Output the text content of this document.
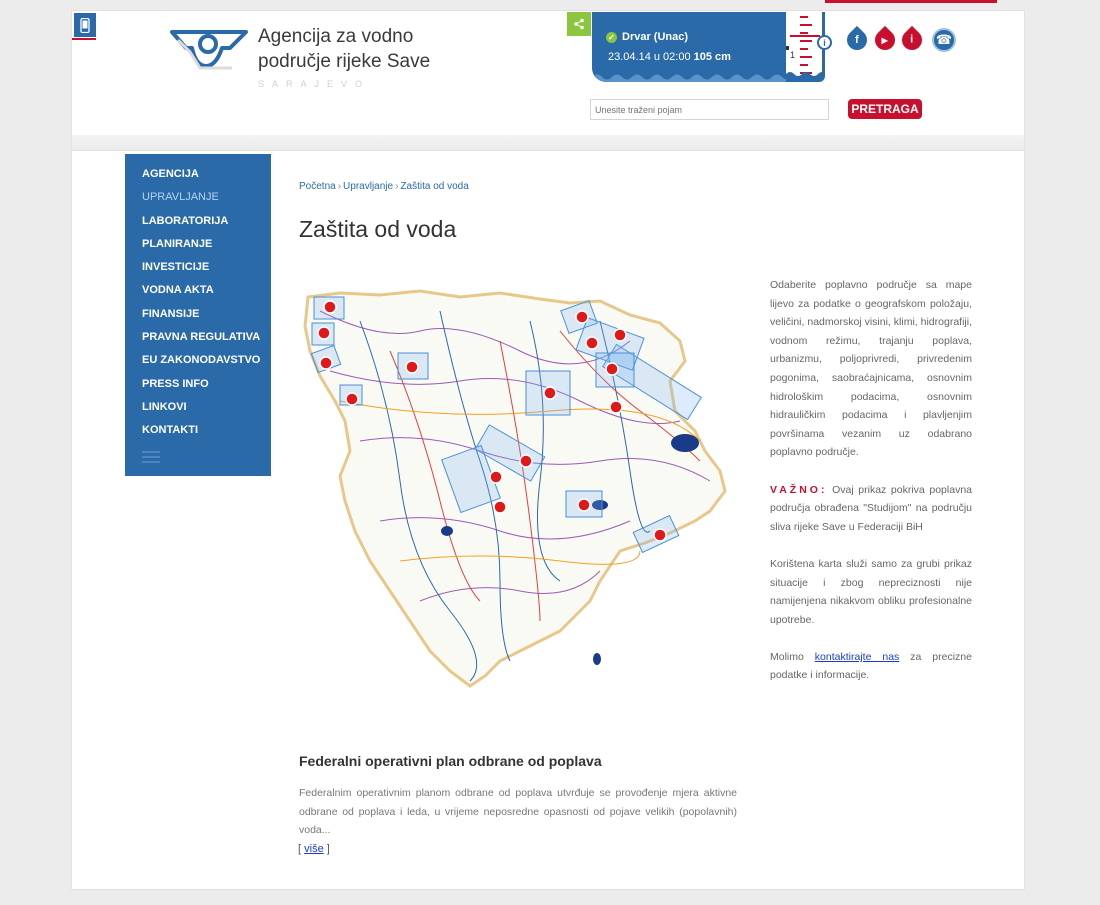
Agencija za vodno
područje rijeke Save
SARAJEVO
✓ Drvar (Unac)
23.04.14 u 02:00 105 cm	1
i	f	▶ i ☎
Unesite traženi pojam
PRETRAGA
AGENCIJA
UPRAVLJANJE
LABORATORIJA
PLANIRANJE
INVESTICIJE
VODNA AKTA
FINANSIJE
PRAVNA REGULATIVA
EU ZAKONODAVSTVO
PRESS INFO
LINKOVI
KONTAKTI
Početna › Upravljanje › Zaštita od voda
Zaštita od voda

Odaberite poplavno područje sa mape lijevo za podatke o geografskom položaju, veličini, nadmorskoj visini, klimi, hidrografiji, vodnom režimu, trajanju poplava, urbanizmu, poljoprivredi, privredenim pogonima, saobraćajnicama, osnovnim hidrološkim podacima, osnovnim hidrauličkim podacima i plavljenjim površinama vezanim uz odabrano poplavno područje.

VAŽNO: Ovaj prikaz pokriva poplavna područja obrađena "Studijom" na području sliva rijeke Save u Federaciji BiH

Korištena karta služi samo za grubi prikaz situacije i zbog nepreciznosti nije namijenjena nikakvom obliku profesionalne upotrebe.

Molimo kontaktirajte nas za precizne podatke i informacije.

Federalni operativni plan odbrane od poplava
Federalnim operativnim planom odbrane od poplava utvrđuje se provođenje mjera aktivne odbrane od poplava i leda, u vrijeme neposredne opasnosti od pojave velikih (popolavnih) voda...
[ više ]
